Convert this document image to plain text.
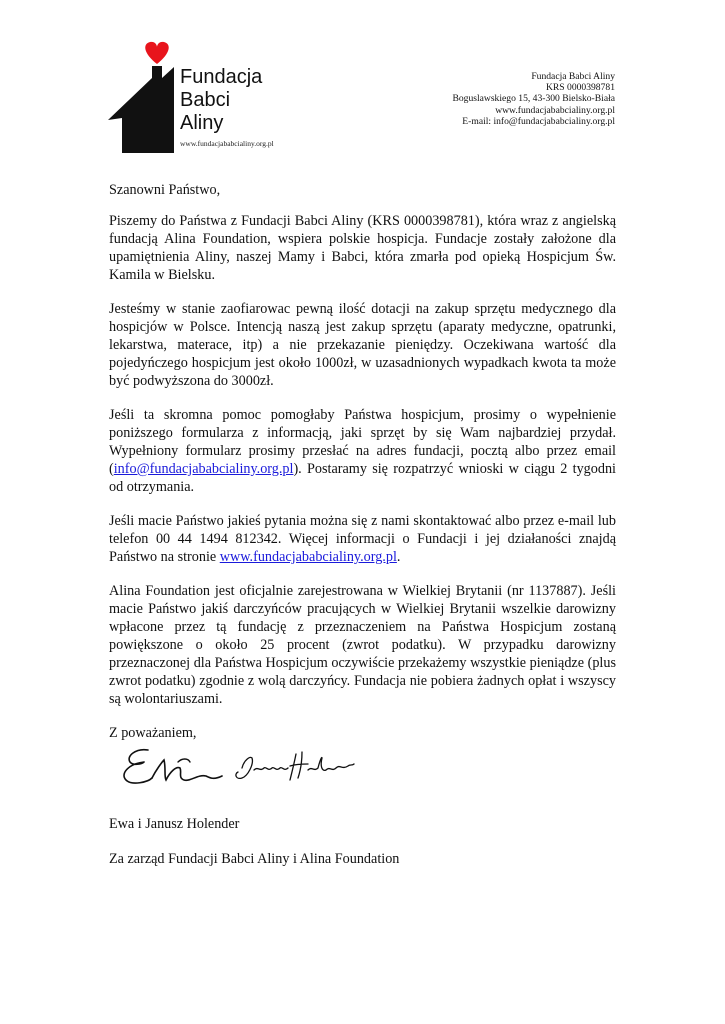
Fundacja
Babci
Aliny
www.fundacjababcialiny.org.pl
Fundacja Babci Aliny
KRS 0000398781
Boguslawskiego 15, 43-300 Bielsko-Biała
www.fundacjababcialiny.org.pl
E-mail: info@fundacjababcialiny.org.pl

Szanowni Państwo,

Piszemy do Państwa z Fundacji Babci Aliny (KRS 0000398781), która wraz z angielską fundacją Alina Foundation, wspiera polskie hospicja. Fundacje zostały założone dla upamiętnienia Aliny, naszej Mamy i Babci, która zmarła pod opieką Hospicjum Św. Kamila w Bielsku.

Jesteśmy w stanie zaofiarowac pewną ilość dotacji na zakup sprzętu medycznego dla hospicjów w Polsce. Intencją naszą jest zakup sprzętu (aparaty medyczne, opatrunki, lekarstwa, materace, itp) a nie przekazanie pieniędzy. Oczekiwana wartość dla pojedyńczego hospicjum jest około 1000zł, w uzasadnionych wypadkach kwota ta może być podwyższona do 3000zł.

Jeśli ta skromna pomoc pomogłaby Państwa hospicjum, prosimy o wypełnienie poniższego formularza z informacją, jaki sprzęt by się Wam najbardziej przydał. Wypełniony formularz prosimy przesłać na adres fundacji, pocztą albo przez email (info@fundacjababcialiny.org.pl). Postaramy się rozpatrzyć wnioski w ciągu 2 tygodni od otrzymania.

Jeśli macie Państwo jakieś pytania można się z nami skontaktować albo przez e-mail lub telefon 00 44 1494 812342. Więcej informacji o Fundacji i jej działaności znajdą Państwo na stronie www.fundacjababcialiny.org.pl.

Alina Foundation jest oficjalnie zarejestrowana w Wielkiej Brytanii (nr 1137887). Jeśli macie Państwo jakiś darczyńców pracujących w Wielkiej Brytanii wszelkie darowizny wpłacone przez tą fundację z przeznaczeniem na Państwa Hospicjum zostaną powiększone o około 25 procent (zwrot podatku). W przypadku darowizny przeznaczonej dla Państwa Hospicjum oczywiście przekażemy wszystkie pieniądze (plus zwrot podatku) zgodnie z wolą darczyńcy. Fundacja nie pobiera żadnych opłat i wszyscy są wolontariuszami.

Z poważaniem,

Ewa i Janusz Holender
Za zarząd Fundacji Babci Aliny i Alina Foundation
